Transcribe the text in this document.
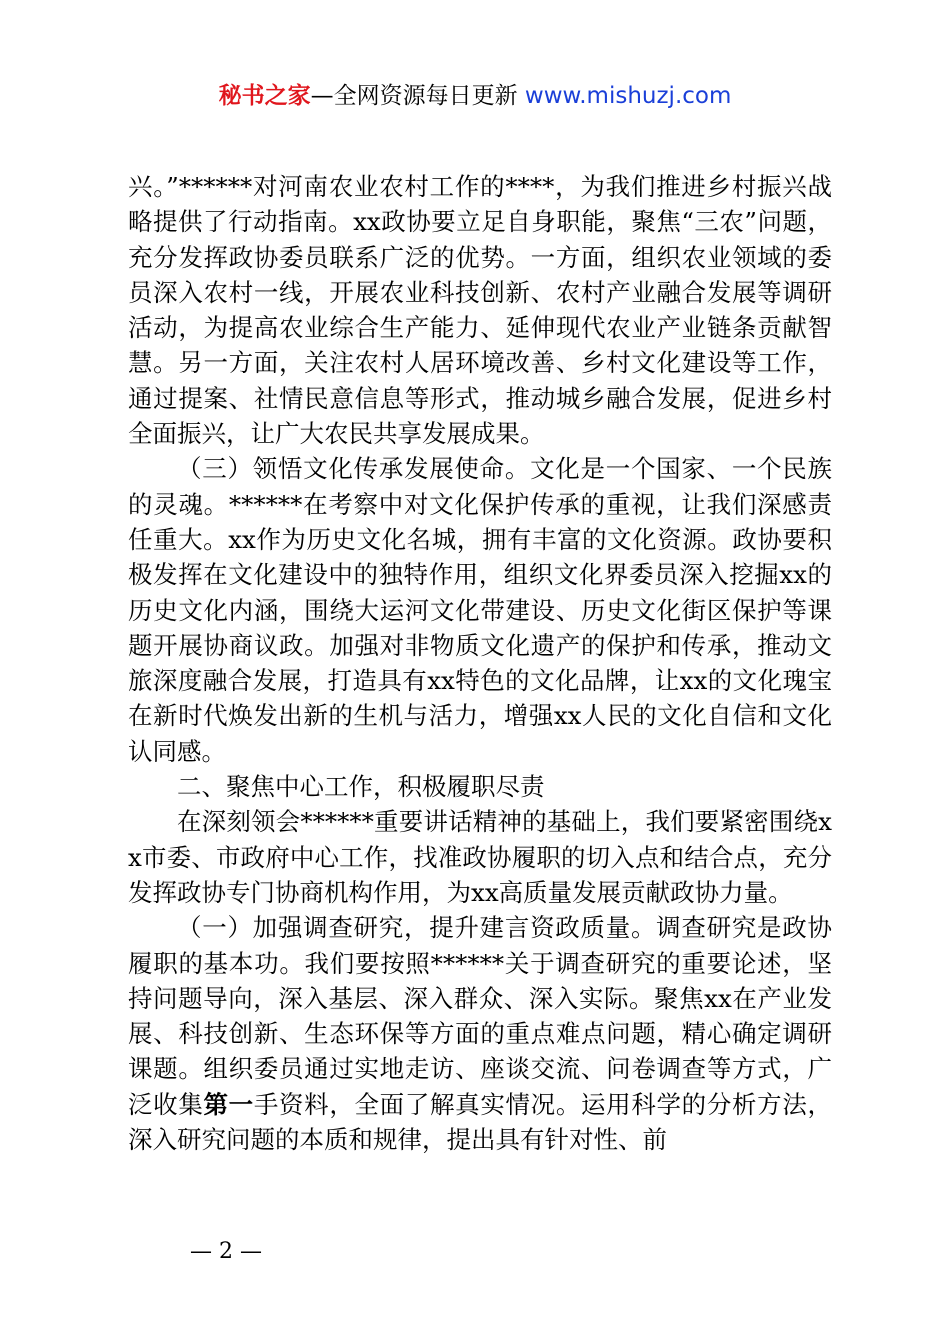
秘书之家—全网资源每日更新 www.mishuzj.com

兴。”******对河南农业农村工作的****，为我们推进乡村振兴战略提供了行动指南。xx政协要立足自身职能，聚焦“三农”问题，充分发挥政协委员联系广泛的优势。一方面，组织农业领域的委员深入农村一线，开展农业科技创新、农村产业融合发展等调研活动，为提高农业综合生产能力、延伸现代农业产业链条贡献智慧。另一方面，关注农村人居环境改善、乡村文化建设等工作，通过提案、社情民意信息等形式，推动城乡融合发展，促进乡村全面振兴，让广大农民共享发展成果。

（三）领悟文化传承发展使命。文化是一个国家、一个民族的灵魂。******在考察中对文化保护传承的重视，让我们深感责任重大。xx作为历史文化名城，拥有丰富的文化资源。政协要积极发挥在文化建设中的独特作用，组织文化界委员深入挖掘xx的历史文化内涵，围绕大运河文化带建设、历史文化街区保护等课题开展协商议政。加强对非物质文化遗产的保护和传承，推动文旅深度融合发展，打造具有xx特色的文化品牌，让xx的文化瑰宝在新时代焕发出新的生机与活力，增强xx人民的文化自信和文化认同感。

二、聚焦中心工作，积极履职尽责

在深刻领会******重要讲话精神的基础上，我们要紧密围绕xx市委、市政府中心工作，找准政协履职的切入点和结合点，充分发挥政协专门协商机构作用，为xx高质量发展贡献政协力量。

（一）加强调查研究，提升建言资政质量。调查研究是政协履职的基本功。我们要按照******关于调查研究的重要论述，坚持问题导向，深入基层、深入群众、深入实际。聚焦xx在产业发展、科技创新、生态环保等方面的重点难点问题，精心确定调研课题。组织委员通过实地走访、座谈交流、问卷调查等方式，广泛收集第一手资料，全面了解真实情况。运用科学的分析方法，深入研究问题的本质和规律，提出具有针对性、前

— 2 —
